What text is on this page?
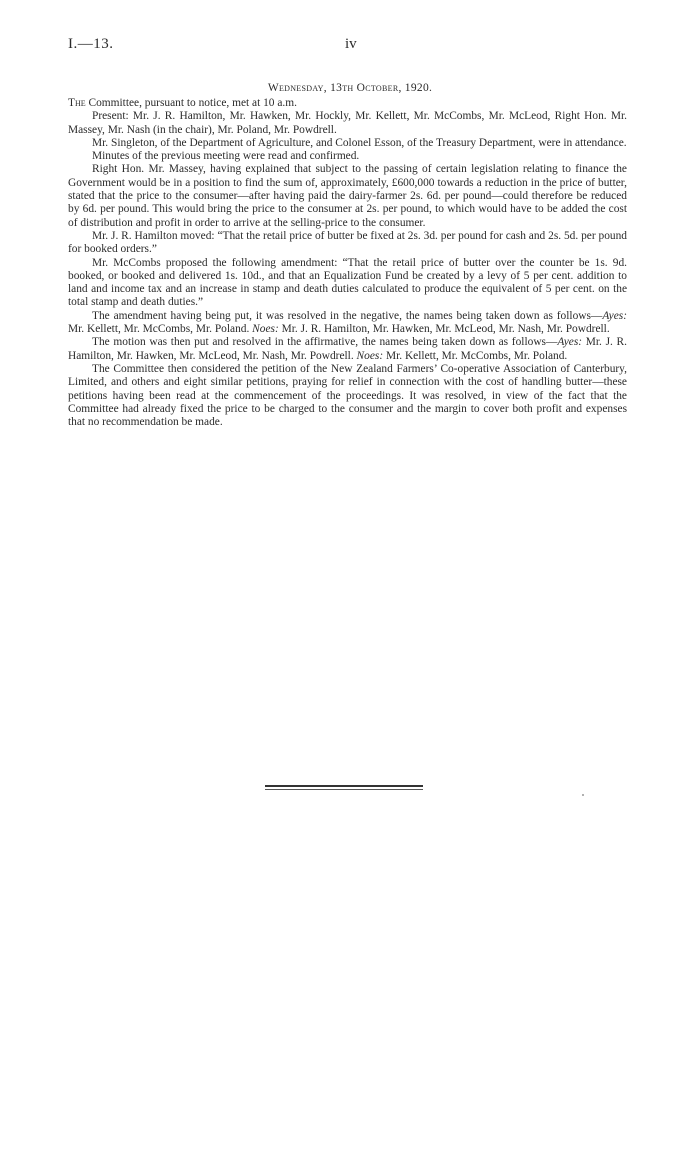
I.—13.	iv
Wednesday, 13th October, 1920.

The Committee, pursuant to notice, met at 10 a.m.

Present: Mr. J. R. Hamilton, Mr. Hawken, Mr. Hockly, Mr. Kellett, Mr. McCombs, Mr. McLeod, Right Hon. Mr. Massey, Mr. Nash (in the chair), Mr. Poland, Mr. Powdrell.

Mr. Singleton, of the Department of Agriculture, and Colonel Esson, of the Treasury Department, were in attendance.

Minutes of the previous meeting were read and confirmed.

Right Hon. Mr. Massey, having explained that subject to the passing of certain legislation relating to finance the Government would be in a position to find the sum of, approximately, £600,000 towards a reduction in the price of butter, stated that the price to the consumer—after having paid the dairy-farmer 2s. 6d. per pound—could therefore be reduced by 6d. per pound. This would bring the price to the consumer at 2s. per pound, to which would have to be added the cost of distribution and profit in order to arrive at the selling-price to the consumer.

Mr. J. R. Hamilton moved: “That the retail price of butter be fixed at 2s. 3d. per pound for cash and 2s. 5d. per pound for booked orders.”

Mr. McCombs proposed the following amendment: “That the retail price of butter over the counter be 1s. 9d. booked, or booked and delivered 1s. 10d., and that an Equalization Fund be created by a levy of 5 per cent. addition to land and income tax and an increase in stamp and death duties calculated to produce the equivalent of 5 per cent. on the total stamp and death duties.”

The amendment having being put, it was resolved in the negative, the names being taken down as follows—Ayes: Mr. Kellett, Mr. McCombs, Mr. Poland. Noes: Mr. J. R. Hamilton, Mr. Hawken, Mr. McLeod, Mr. Nash, Mr. Powdrell.

The motion was then put and resolved in the affirmative, the names being taken down as follows—Ayes: Mr. J. R. Hamilton, Mr. Hawken, Mr. McLeod, Mr. Nash, Mr. Powdrell. Noes: Mr. Kellett, Mr. McCombs, Mr. Poland.

The Committee then considered the petition of the New Zealand Farmers’ Co-operative Association of Canterbury, Limited, and others and eight similar petitions, praying for relief in connection with the cost of handling butter—these petitions having been read at the commencement of the proceedings. It was resolved, in view of the fact that the Committee had already fixed the price to be charged to the consumer and the margin to cover both profit and expenses that no recommendation be made.
